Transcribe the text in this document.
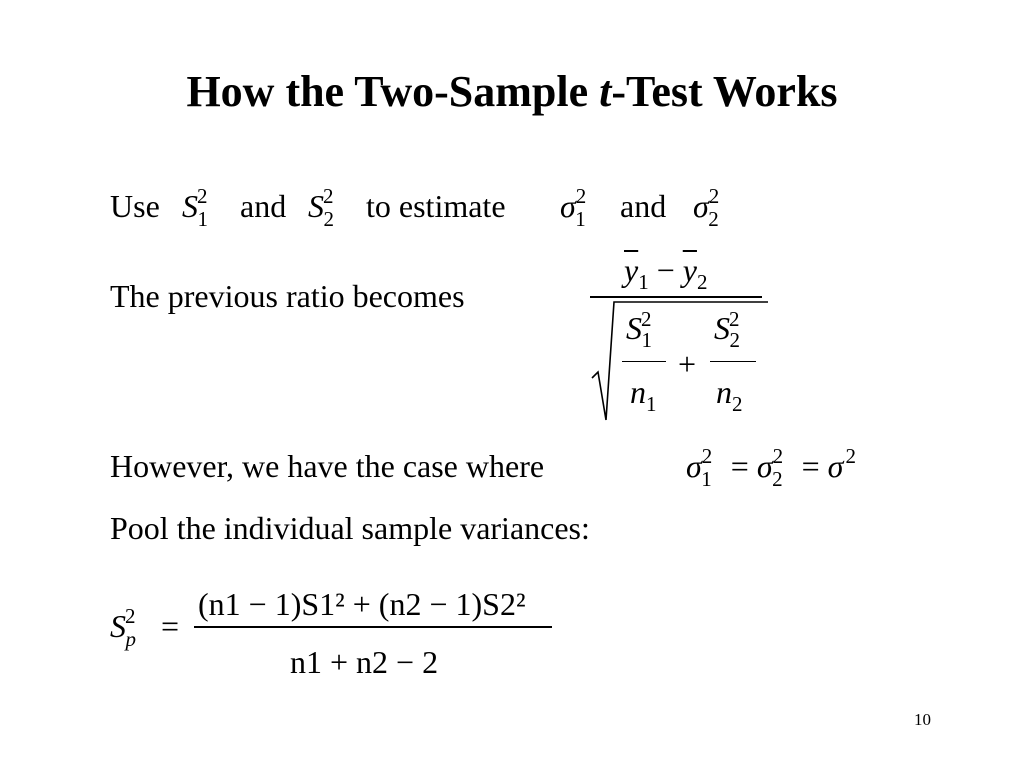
How the Two-Sample t-Test Works
Use $S^2_1$	and $S^2_2$	to estimate $\sigma^2_1$	and $\sigma^2_2$
The previous ratio becomes
$\overline{y}_1 - \overline{y}_2$
$S^2_1$
$n_1$
+
$S^2_2$
$n_2$
However, we have the case where	$\sigma^2_1 = \sigma^2_2 = \sigma^2$
Pool the individual sample variances:
$S^2_p$ =
(n1 − 1)S1² + (n2 − 1)S2²
n1 + n2 − 2
10
